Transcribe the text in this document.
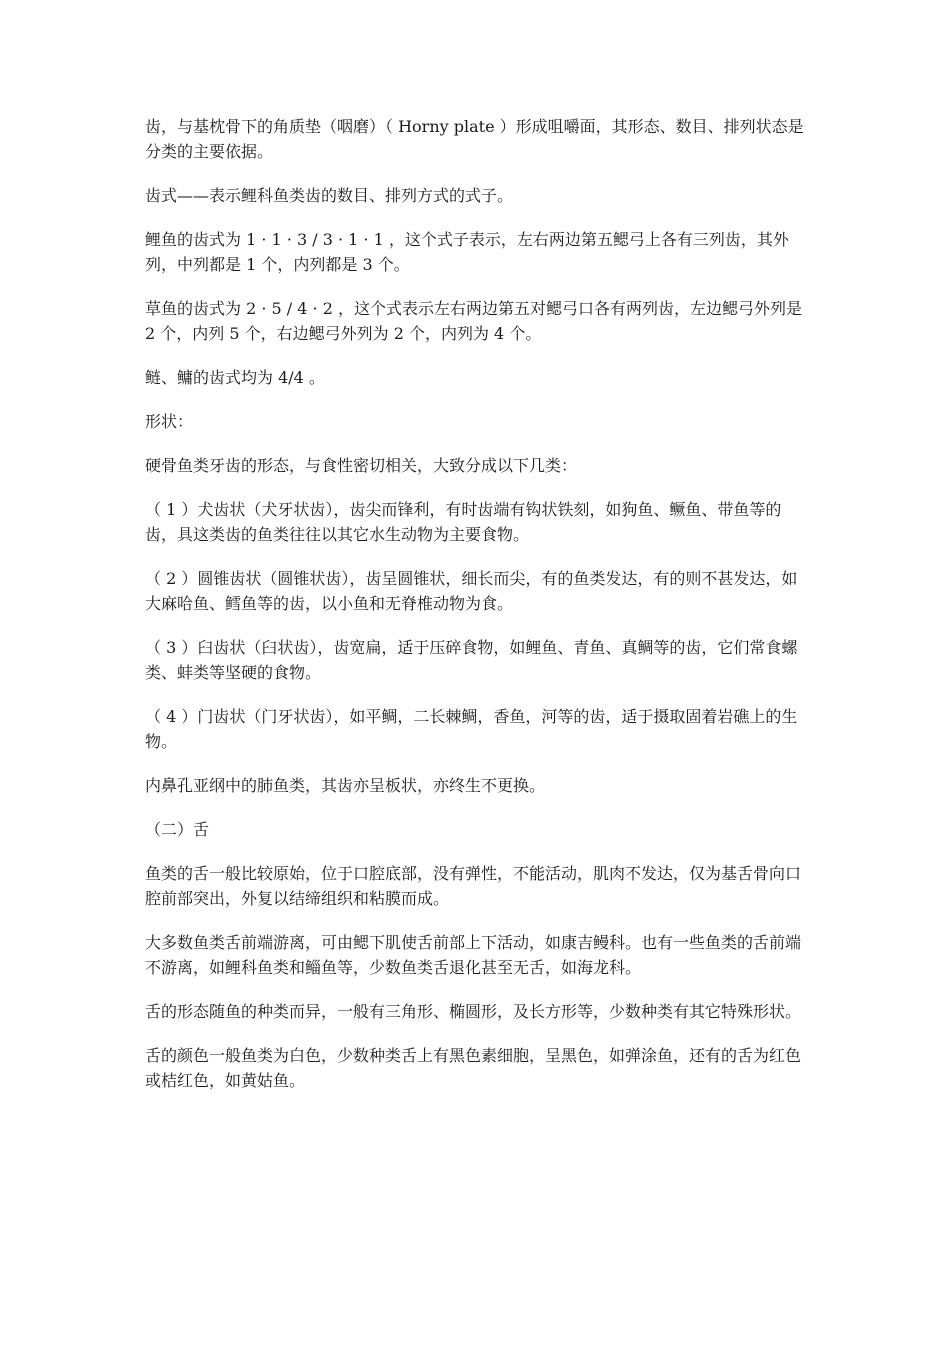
齿，与基枕骨下的角质垫（咽磨）（ Horny plate ）形成咀嚼面，其形态、数目、排列状态是分类的主要依据。

齿式——表示鲤科鱼类齿的数目、排列方式的式子。

鲤鱼的齿式为 1 · 1 · 3 / 3 · 1 · 1 ，这个式子表示，左右两边第五鳃弓上各有三列齿，其外列，中列都是 1 个，内列都是 3 个。

草鱼的齿式为 2 · 5 / 4 · 2 ，这个式表示左右两边第五对鳃弓口各有两列齿，左边鳃弓外列是 2 个，内列 5 个，右边鳃弓外列为 2 个，内列为 4 个。

鲢、鳙的齿式均为 4/4 。

形状：

硬骨鱼类牙齿的形态，与食性密切相关，大致分成以下几类：

（ 1 ）犬齿状（犬牙状齿），齿尖而锋利，有时齿端有钩状铁刻，如狗鱼、鳜鱼、带鱼等的齿，具这类齿的鱼类往往以其它水生动物为主要食物。

（ 2 ）圆锥齿状（圆锥状齿），齿呈圆锥状，细长而尖，有的鱼类发达，有的则不甚发达，如大麻哈鱼、鳕鱼等的齿，以小鱼和无脊椎动物为食。

（ 3 ）臼齿状（臼状齿），齿宽扁，适于压碎食物，如鲤鱼、青鱼、真鲷等的齿，它们常食螺类、蚌类等坚硬的食物。

（ 4 ）门齿状（门牙状齿），如平鲷，二长棘鲷，香鱼，河等的齿，适于摄取固着岩礁上的生物。

内鼻孔亚纲中的肺鱼类，其齿亦呈板状，亦终生不更换。

（二）舌

鱼类的舌一般比较原始，位于口腔底部，没有弹性，不能活动，肌肉不发达，仅为基舌骨向口腔前部突出，外复以结缔组织和粘膜而成。

大多数鱼类舌前端游离，可由鳃下肌使舌前部上下活动，如康吉鳗科。也有一些鱼类的舌前端不游离，如鲤科鱼类和鲻鱼等，少数鱼类舌退化甚至无舌，如海龙科。

舌的形态随鱼的种类而异，一般有三角形、椭圆形，及长方形等，少数种类有其它特殊形状。

舌的颜色一般鱼类为白色，少数种类舌上有黑色素细胞，呈黑色，如弹涂鱼，还有的舌为红色或桔红色，如黄姑鱼。
